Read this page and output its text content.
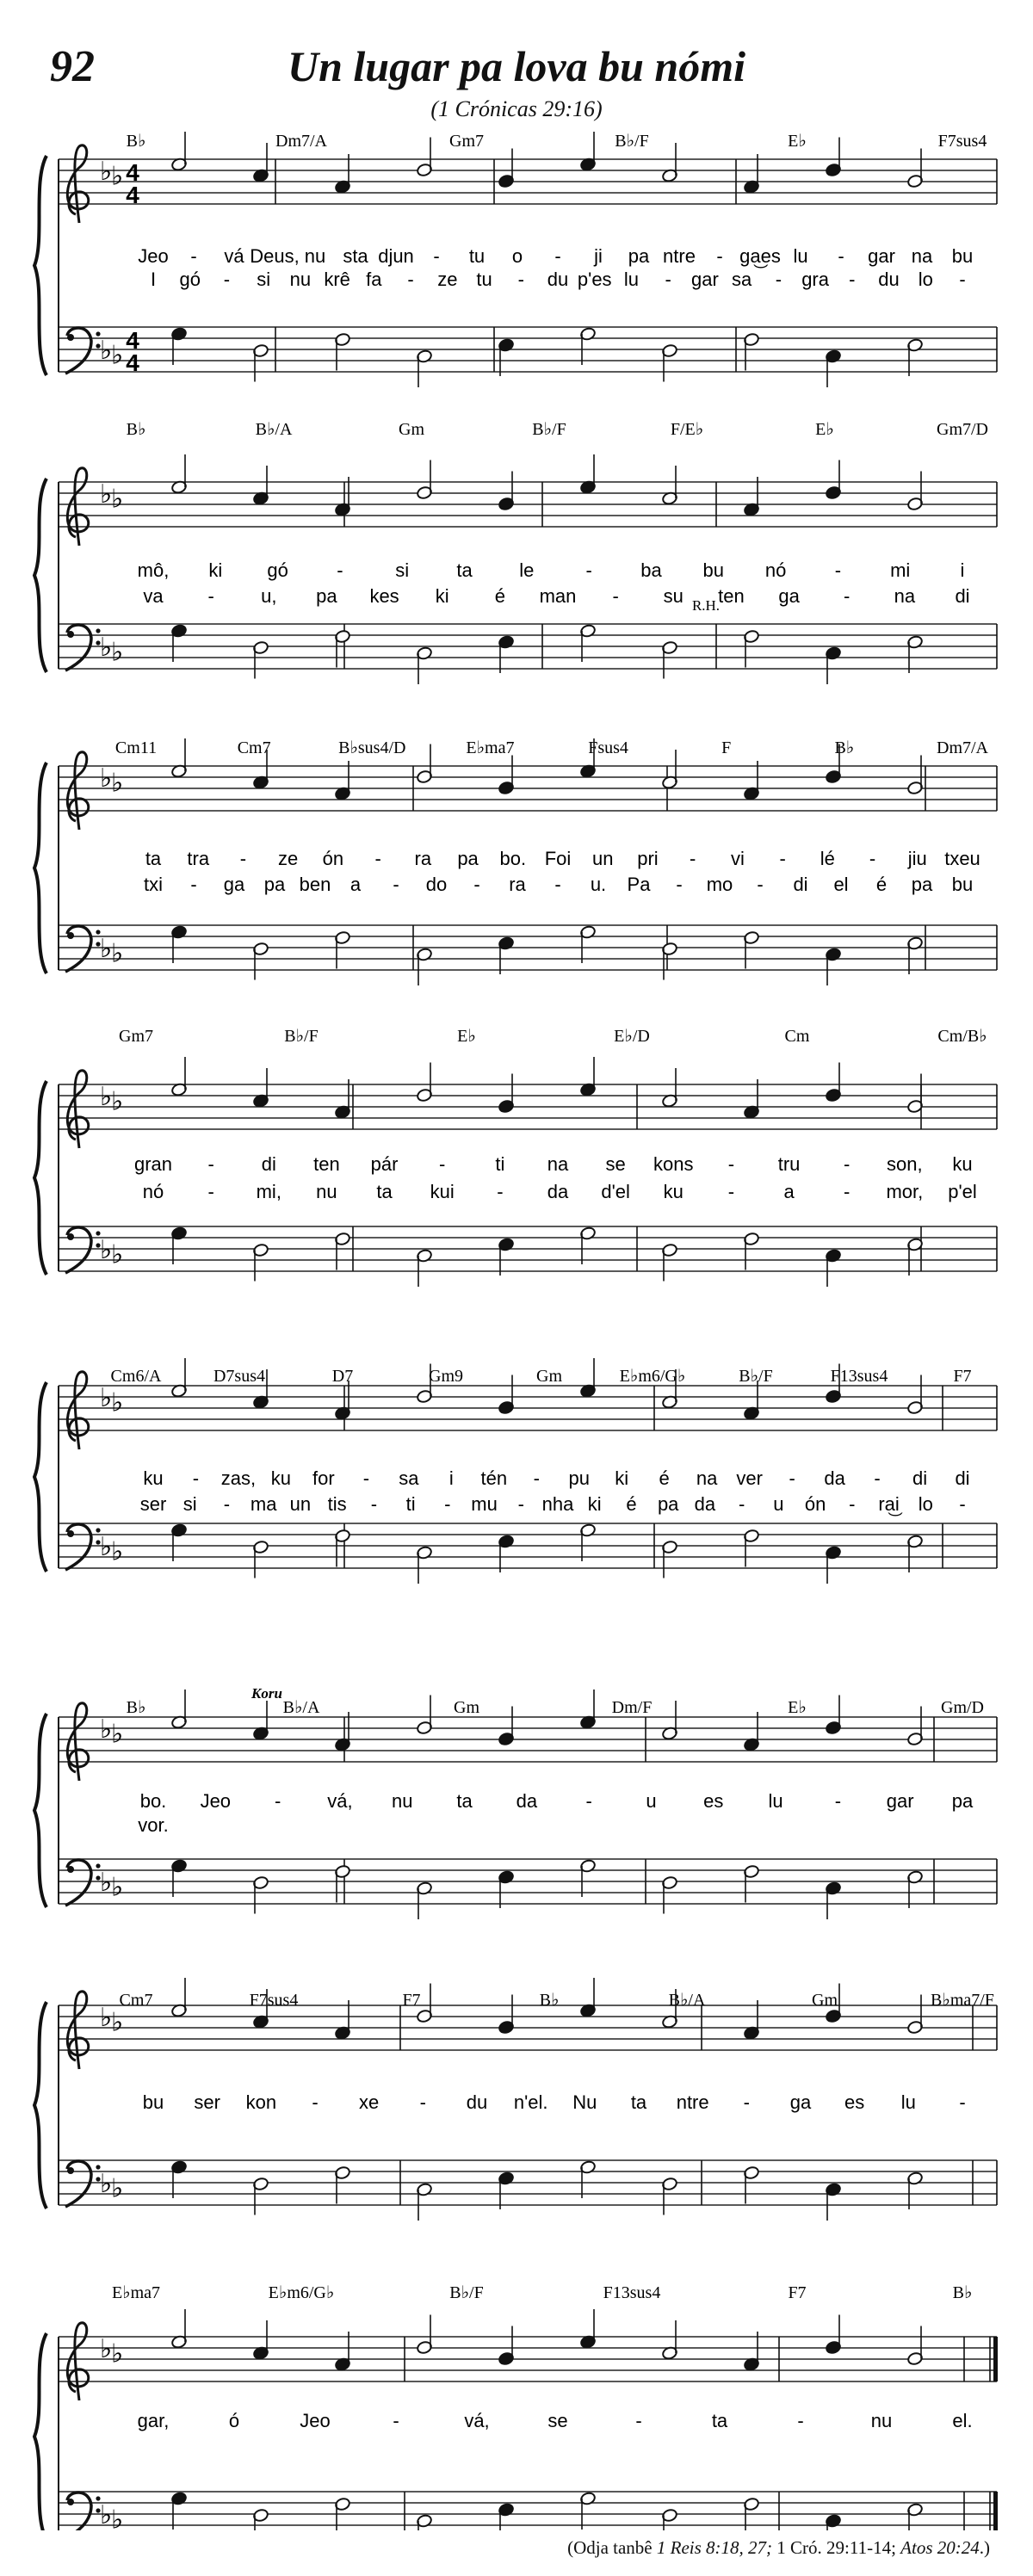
Un lugar pa lova bu nómi
92
(1 Crónicas 29:16)
♭
♭
♭
♭
4
4
4
4
B♭	Dm7/A	Gm7	B♭/F	E♭	F7sus4
Jeo - vá Deus, nu sta djun - tu o - ji pa ntre - ga͜es lu - gar na bu
I gó - si nu krê fa - ze tu - du p'es lu - gar sa - gra - du lo -
♭
♭
♭
♭
B♭	B♭/A	Gm	B♭/F	F/E♭	E♭	Gm7/D
mô, ki gó	-	si	ta le	-	ba bu nó	-	mi	i
va - u, pa kes ki é man - su ten ga - na di
R.H.
♭
♭
♭
♭
Cm11	Cm7	B♭sus4/D	E♭ma7	Fsus4	F	B♭	Dm7/A
ta tra - ze ón - ra pa bo. Foi un pri - vi - lé - jiu txeu
txi - ga pa ben a - do - ra - u. Pa - mo - di el é pa bu
♭
♭
♭
♭
Gm7	B♭/F	E♭	E♭/D	Cm	Cm/B♭
gran - di ten pár -	ti na se kons - tru - son, ku
nó - mi, nu ta kui - da d'el ku -	a	- mor, p'el
♭
♭
♭
♭
Cm6/A	D7sus4	D7	Gm9	Gm	E♭m6/G♭	B♭/F	F13sus4	F7
ku - zas, ku for - sa i tén - pu ki é na ver - da - di di
ser si - ma un tis - ti - mu - nha ki é pa da - u ón - ra͜i lo -
♭
♭
♭
♭
B♭	B♭/A	Gm	Dm/F	E♭	Gm/D
bo. Jeo - vá, nu ta da	-	u es lu	- gar pa
vor.
Koru
♭
♭
♭
♭
Cm7	F7sus4	F7	B♭	B♭/A	Gm	B♭ma7/F
bu ser kon - xe - du n'el. Nu ta ntre - ga es lu -
♭
♭
♭
♭
E♭ma7	E♭m6/G♭	B♭/F	F13sus4	F7	B♭
gar,	ó	Jeo	-	vá,	se	-	ta	-	nu	el.
(Odja tanbê 1 Reis 8:18, 27; 1 Cró. 29:11-14; Atos 20:24.)
